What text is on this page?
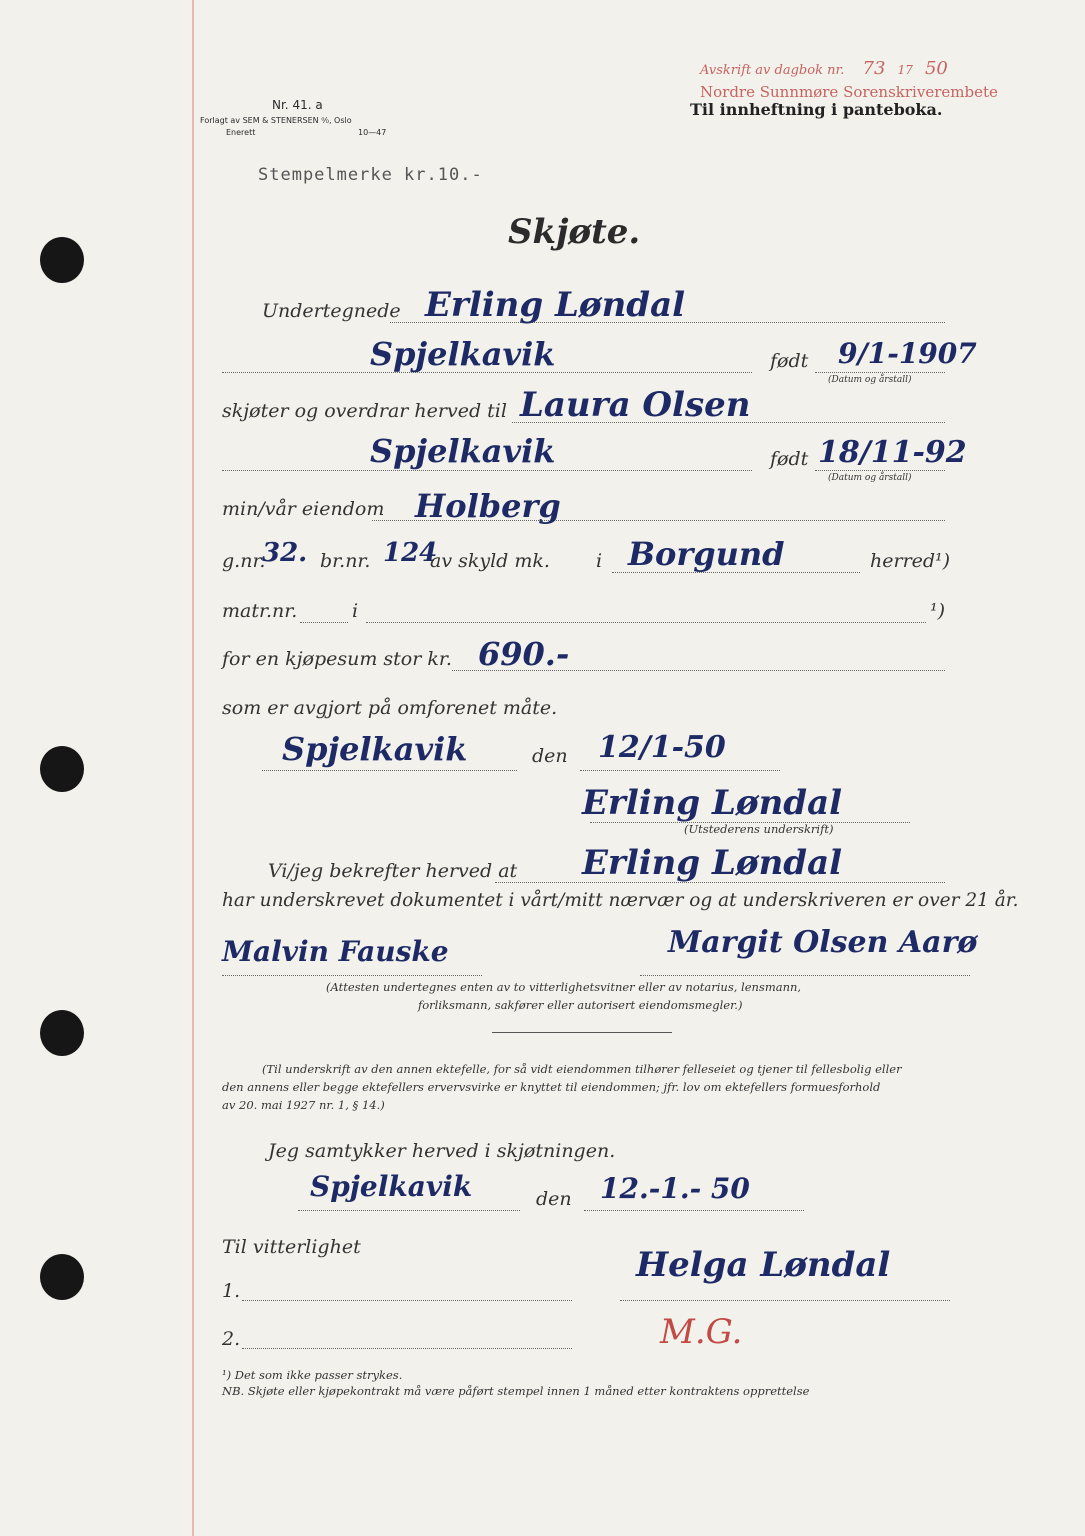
Avskrift av dagbok nr. 73 17 50
Nordre Sunnmøre Sorenskriverembete
Til innheftning i panteboka.
Nr. 41. a
Forlagt av SEM & STENERSEN ⁰⁄₀, Oslo
Enerett	10—47
Stempelmerke kr.10.-
Skjøte.
Undertegnede Erling Løndal
Spjelkavik	født 9/1-1907
(Datum og årstall)
skjøter og overdrar herved til Laura Olsen
Spjelkavik	født 18/11-92
(Datum og årstall)
min/vår eiendom Holberg
g.nr.
32. br.nr. 124
av skyld mk. i Borgund	herred¹)
matr.nr.	i	¹)
for en kjøpesum stor kr. 690.-
som er avgjort på omforenet måte.
Spjelkavik	den 12/1-50
Erling Løndal
(Utstederens underskrift)
Vi/jeg bekrefter herved at Erling Løndal
har underskrevet dokumentet i vårt/mitt nærvær og at underskriveren er over 21 år.
Malvin Fauske	Margit Olsen Aarø
(Attesten undertegnes enten av to vitterlighetsvitner eller av notarius, lensmann,
forliksmann, sakfører eller autorisert eiendomsmegler.)
(Til underskrift av den annen ektefelle, for så vidt eiendommen tilhører felleseiet og tjener til fellesbolig eller
den annens eller begge ektefellers ervervsvirke er knyttet til eiendommen; jfr. lov om ektefellers formuesforhold
av 20. mai 1927 nr. 1, § 14.)
Jeg samtykker herved i skjøtningen.
Spjelkavik	den 12.-1.- 50
Til vitterlighet
1.
Helga Løndal
2.	M.G.
¹) Det som ikke passer strykes.
NB. Skjøte eller kjøpekontrakt må være påført stempel innen 1 måned etter kontraktens opprettelse
